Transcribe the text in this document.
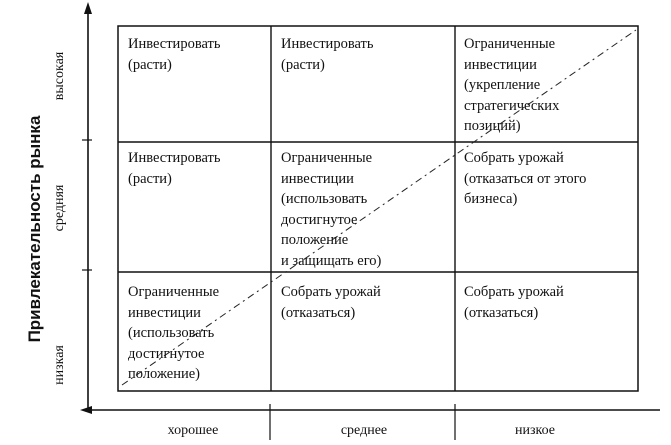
Привлекательность рынка
высокая
средняя
низкая
хорошее	среднее	низкое
Инвестировать
(расти)
Инвестировать
(расти)
Ограниченные
инвестиции
(укрепление
стратегических
позиций)
Инвестировать
(расти)
Ограниченные
инвестиции
(использовать
достигнутое
положение
и защищать его)
Собрать урожай
(отказаться от этого
бизнеса)
Ограниченные
инвестиции
(использовать
достигнутое
положение)
Собрать урожай
(отказаться)
Собрать урожай
(отказаться)
